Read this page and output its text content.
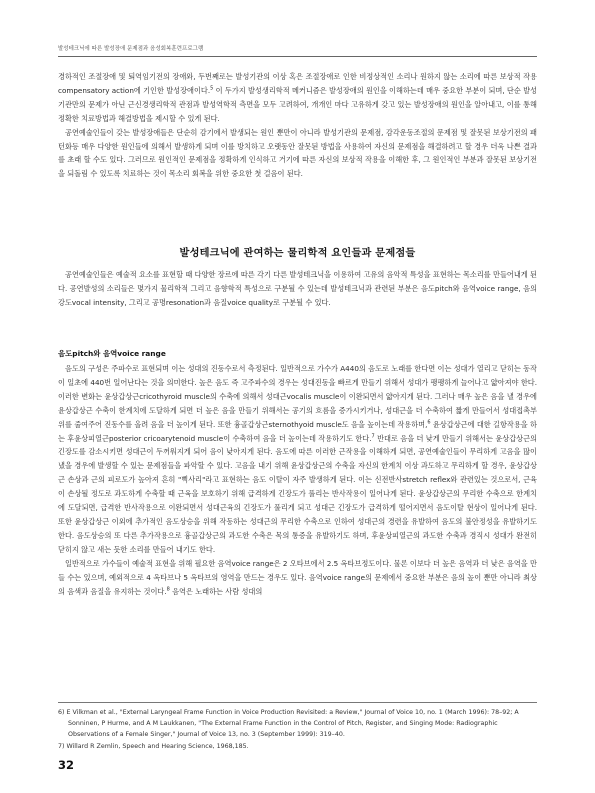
발성테크닉에 따른 발성장애 문제점과 음성회복훈련프로그램

경하적인 조절장애 및 퇴역임기전의 장애와, 두번째로는 발성기관의 이상 혹은 조절장애로 인한 비정상적인 소리나 원하지 않는 소리에 따른 보상적 작용compensatory action에 기인한 발성장애이다.$^5$ 이 두가지 발성생리학적 메커니즘은 발성장애의 원인을 이해하는데 매우 중요한 부분이 되며, 단순 발성기관만의 문제가 아닌 근신경생리학적 관점과 발성역학적 측면을 모두 고려하여, 개개인 마다 고유하게 갖고 있는 발성장애의 원인을 알아내고, 이를 통해 정확한 치료방법과 해결방법을 제시할 수 있게 된다.

공연예술인들이 갖는 발성장애들은 단순히 감기에서 발생되는 원인 뿐만이 아니라 발성기관의 문제점, 감각운동조절의 문제점 및 잘못된 보상기전의 패턴화등 매우 다양한 원인들에 의해서 발생하게 되며 이를 방치하고 오랫동안 잘못된 방법을 사용하여 자신의 문제점을 해결하려고 할 경우 더욱 나쁜 결과를 초래 할 수도 있다. 그러므로 원인적인 문제점을 정확하게 인식하고 거기에 따른 자신의 보상적 작용을 이해한 후, 그 원인적인 부분과 잘못된 보상기전을 되돌림 수 있도록 치료하는 것이 목소리 회복을 위한 중요한 첫 걸음이 된다.

발성테크닉에 관여하는 물리학적 요인들과 문제점들

공연예술인들은 예술적 요소를 표현할 때 다양한 장르에 따른 각기 다른 발성테크닉을 이용하여 고유의 음악적 특성을 표현하는 목소리를 만들어내게 된다. 공연발성의 소리들은 몇가지 물리학적 그리고 음향학적 특성으로 구분될 수 있는데 발성테크닉과 관련된 부분은 음도pitch와 음역voice range, 음의 강도vocal intensity, 그리고 공명resonation과 음질voice quality로 구분될 수 있다.

음도pitch와 음역voice range

음도의 구성은 주파수로 표현되며 이는 성대의 진동수로서 측정된다. 일반적으로 가수가 A440의 음도로 노래를 한다면 이는 성대가 열리고 닫히는 동작이 일초에 440번 일어난다는 것을 의미한다. 높은 음도 즉 고주파수의 경우는 성대진동을 빠르게 만들기 위해서 성대가 팽팽하게 늘어나고 얇아져야 한다. 이러한 변화는 윤상갑상근cricothyroid muscle의 수축에 의해서 성대근vocalis muscle이 이완되면서 얇아지게 된다. 그러나 매우 높은 음을 낼 경우에 윤상갑상근 수축이 한계치에 도달하게 되면 더 높은 음을 만들기 위해서는 공기의 흐름을 증가시키거나, 성대근을 더 수축하여 짧게 만들어서 성대접촉부위를 줄여주어 진동수를 올려 음을 더 높이게 된다. 또한 흉골갑상근sternothyoid muscle도 음을 높이는데 작용하며,$^6$ 윤상갑상근에 대한 길항작용을 하는 후윤상피열근posterior cricoarytenoid muscle이 수축하여 음을 더 높이는데 작용하기도 한다.$^7$ 반대로 음을 더 낮게 만들기 위해서는 윤상갑상근의 긴장도를 감소시키면 성대근이 두꺼워지게 되어 음이 낮아지게 된다. 음도에 따른 이러한 근작용을 이해하게 되면, 공연예술인들이 무리하게 고음을 많이 냈을 경우에 발생할 수 있는 문제점들을 파악할 수 있다. 고음을 내기 위해 윤상갑상근의 수축을 자신의 한계치 이상 과도하고 무리하게 할 경우, 윤상갑상근 손상과 근의 피로도가 높아져 흔히 "삑사리"라고 표현하는 음도 이탈이 자주 발생하게 된다. 이는 신전반사stretch reflex와 관련있는 것으로서, 근육이 손상될 정도로 과도하게 수축할 때 근육을 보호하기 위해 급격하게 긴장도가 풀리는 반사작용이 일어나게 된다. 윤상갑상근의 무리한 수축으로 한계치에 도달되면, 급격한 반사작용으로 이완되면서 성대근육의 긴장도가 풀리게 되고 성대근 긴장도가 급격하게 떨어지면서 음도이탈 현상이 일어나게 된다. 또한 윤상갑상근 이외에 추가적인 음도상승을 위해 작동하는 성대근의 무리한 수축으로 인하여 성대근의 경련을 유발하여 음도의 불안정성을 유발하기도 한다. 음도상승의 또 다른 추가작용으로 흉골갑상근의 과도한 수축은 목의 통증을 유발하기도 하며, 후윤상피열근의 과도한 수축과 경직시 성대가 완전히 닫히지 않고 새는 듯한 소리를 만들어 내기도 한다.

일반적으로 가수들이 예술적 표현을 위해 필요한 음역voice range은 2 오타브에서 2.5 옥타브정도이다. 물론 이보다 더 높은 음역과 더 낮은 음역을 만들 수는 있으며, 예외적으로 4 옥타브나 5 옥타브의 영역을 만드는 경우도 있다. 음역voice range의 문제에서 중요한 부분은 음의 높이 뿐만 아니라 최상의 음색과 음질을 유지하는 것이다.$^8$ 음역은 노래하는 사람 성대의

6) E Vilkman et al., "External Laryngeal Frame Function in Voice Production Revisited: a Review," Journal of Voice 10, no. 1 (March 1996): 78–92; A Sonninen, P Hurme, and A M Laukkanen, "The External Frame Function in the Control of Pitch, Register, and Singing Mode: Radiographic Observations of a Female Singer," Journal of Voice 13, no. 3 (September 1999): 319–40.

7) Willard R Zemlin, Speech and Hearing Science, 1968,185.

32
